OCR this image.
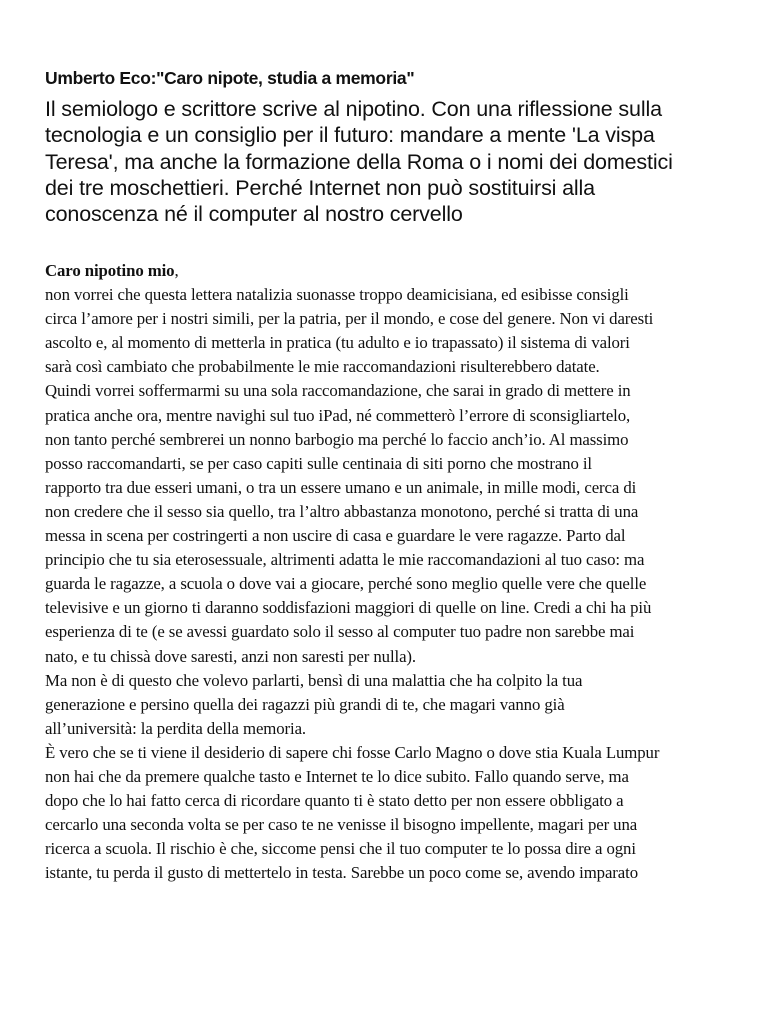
Umberto Eco:"Caro nipote, studia a memoria"
Il semiologo e scrittore scrive al nipotino. Con una riflessione sulla
tecnologia e un consiglio per il futuro: mandare a mente 'La vispa
Teresa', ma anche la formazione della Roma o i nomi dei domestici
dei tre moschettieri. Perché Internet non può sostituirsi alla
conoscenza né il computer al nostro cervello
Caro nipotino mio,
non vorrei che questa lettera natalizia suonasse troppo deamicisiana, ed esibisse consigli
circa l’amore per i nostri simili, per la patria, per il mondo, e cose del genere. Non vi daresti
ascolto e, al momento di metterla in pratica (tu adulto e io trapassato) il sistema di valori
sarà così cambiato che probabilmente le mie raccomandazioni risulterebbero datate.
Quindi vorrei soffermarmi su una sola raccomandazione, che sarai in grado di mettere in
pratica anche ora, mentre navighi sul tuo iPad, né commetterò l’errore di sconsigliartelo,
non tanto perché sembrerei un nonno barbogio ma perché lo faccio anch’io. Al massimo
posso raccomandarti, se per caso capiti sulle centinaia di siti porno che mostrano il
rapporto tra due esseri umani, o tra un essere umano e un animale, in mille modi, cerca di
non credere che il sesso sia quello, tra l’altro abbastanza monotono, perché si tratta di una
messa in scena per costringerti a non uscire di casa e guardare le vere ragazze. Parto dal
principio che tu sia eterosessuale, altrimenti adatta le mie raccomandazioni al tuo caso: ma
guarda le ragazze, a scuola o dove vai a giocare, perché sono meglio quelle vere che quelle
televisive e un giorno ti daranno soddisfazioni maggiori di quelle on line. Credi a chi ha più
esperienza di te (e se avessi guardato solo il sesso al computer tuo padre non sarebbe mai
nato, e tu chissà dove saresti, anzi non saresti per nulla).
Ma non è di questo che volevo parlarti, bensì di una malattia che ha colpito la tua
generazione e persino quella dei ragazzi più grandi di te, che magari vanno già
all’università: la perdita della memoria.
È vero che se ti viene il desiderio di sapere chi fosse Carlo Magno o dove stia Kuala Lumpur
non hai che da premere qualche tasto e Internet te lo dice subito. Fallo quando serve, ma
dopo che lo hai fatto cerca di ricordare quanto ti è stato detto per non essere obbligato a
cercarlo una seconda volta se per caso te ne venisse il bisogno impellente, magari per una
ricerca a scuola. Il rischio è che, siccome pensi che il tuo computer te lo possa dire a ogni
istante, tu perda il gusto di mettertelo in testa. Sarebbe un poco come se, avendo imparato
